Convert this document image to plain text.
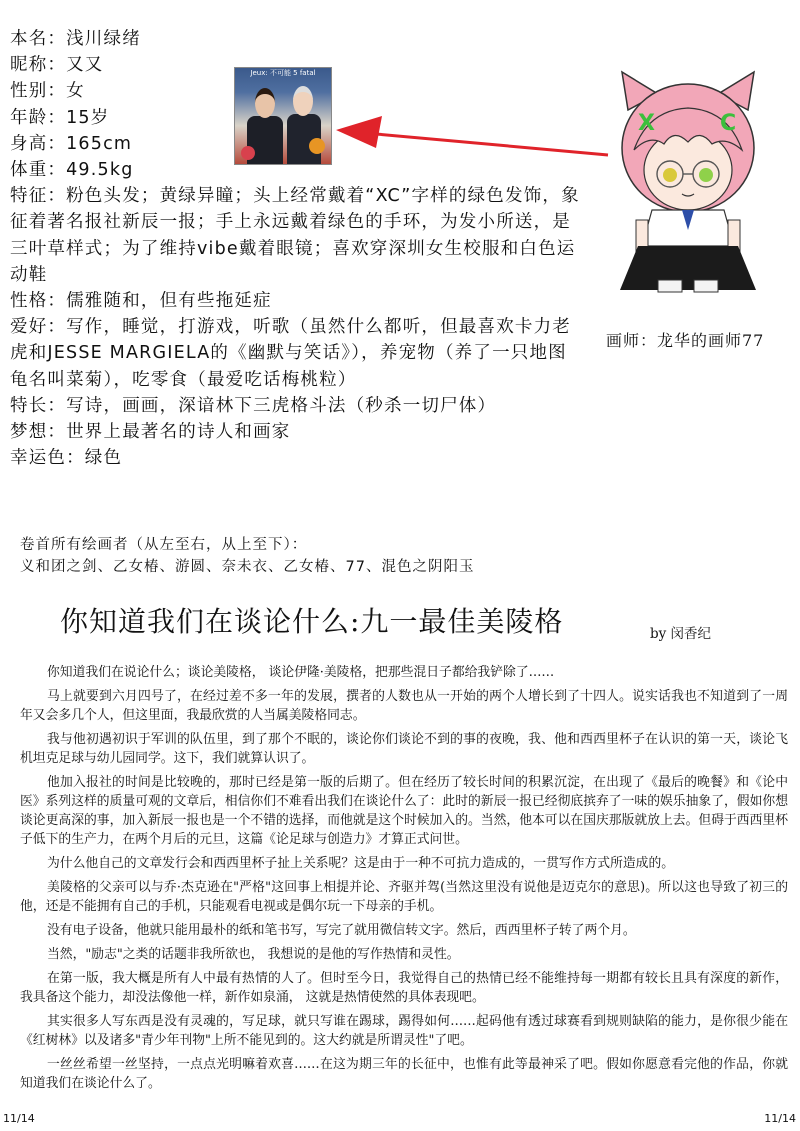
本名：浅川绿绪
昵称：又又
性别：女
年龄：15岁
身高：165cm
体重：49.5kg
特征：粉色头发；黄绿异瞳；头上经常戴着“XC”字样的绿色发饰，象征着著名报社新辰一报；手上永远戴着绿色的手环，为发小所送，是三叶草样式；为了维持vibe戴着眼镜；喜欢穿深圳女生校服和白色运动鞋
性格：儒雅随和，但有些拖延症
爱好：写作，睡觉，打游戏，听歌（虽然什么都听，但最喜欢卡力老虎和JESSE MARGIELA的《幽默与笑话》），养宠物（养了一只地图龟名叫菜菊），吃零食（最爱吃话梅桃粒）
特长：写诗，画画，深谙林下三虎格斗法（秒杀一切尸体）
梦想：世界上最著名的诗人和画家
幸运色：绿色
Jeux: 不可能 5 fatal
X	C
画师：龙华的画师77
卷首所有绘画者（从左至右，从上至下）：
义和团之剑、乙女椿、游圆、奈未衣、乙女椿、77、混色之阴阳玉
你知道我们在谈论什么:九一最佳美陵格	by 闵香纪

你知道我们在说论什么；谈论美陵格， 谈论伊隆·美陵格，把那些混日子都给我铲除了……

马上就要到六月四号了，在经过差不多一年的发展，撰者的人数也从一开始的两个人增长到了十四人。说实话我也不知道到了一周年又会多几个人，但这里面，我最欣赏的人当属美陵格同志。

我与他初遇初识于军训的队伍里，到了那个不眠的，谈论你们谈论不到的事的夜晚，我、他和西西里杯子在认识的第一天，谈论飞机坦克足球与幼儿园同学。这下，我们就算认识了。

他加入报社的时间是比较晚的，那时已经是第一版的后期了。但在经历了较长时间的积累沉淀，在出现了《最后的晚餐》和《论中医》系列这样的质量可观的文章后，相信你们不难看出我们在谈论什么了：此时的新辰一报已经彻底摈弃了一味的娱乐抽象了，假如你想谈论更高深的事，加入新辰一报也是一个不错的选择，而他就是这个时候加入的。当然，他本可以在国庆那版就放上去。但碍于西西里杯子低下的生产力，在两个月后的元旦，这篇《论足球与创造力》才算正式问世。

为什么他自己的文章发行会和西西里杯子扯上关系呢？这是由于一种不可抗力造成的，一贯写作方式所造成的。

美陵格的父亲可以与乔·杰克逊在"严格"这回事上相提并论、齐驱并驾(当然这里没有说他是迈克尔的意思)。所以这也导致了初三的他，还是不能拥有自己的手机，只能观看电视或是偶尔玩一下母亲的手机。

没有电子设备，他就只能用最朴的纸和笔书写，写完了就用微信转文字。然后，西西里杯子转了两个月。

当然，"励志"之类的话题非我所欲也， 我想说的是他的写作热情和灵性。

在第一版，我大概是所有人中最有热情的人了。但时至今日，我觉得自己的热情已经不能维持每一期都有较长且具有深度的新作，我具备这个能力，却没法像他一样，新作如泉涌， 这就是热情使然的具体表现吧。

其实很多人写东西是没有灵魂的，写足球，就只写谁在踢球，踢得如何……起码他有透过球赛看到规则缺陷的能力，是你很少能在《红树林》以及诸多"青少年刊物"上所不能见到的。这大约就是所谓灵性"了吧。

一丝丝希望一丝坚持，一点点光明嘛着欢喜……在这为期三年的长征中，也惟有此等最神采了吧。假如你愿意看完他的作品，你就知道我们在谈论什么了。

11/14	11/14
